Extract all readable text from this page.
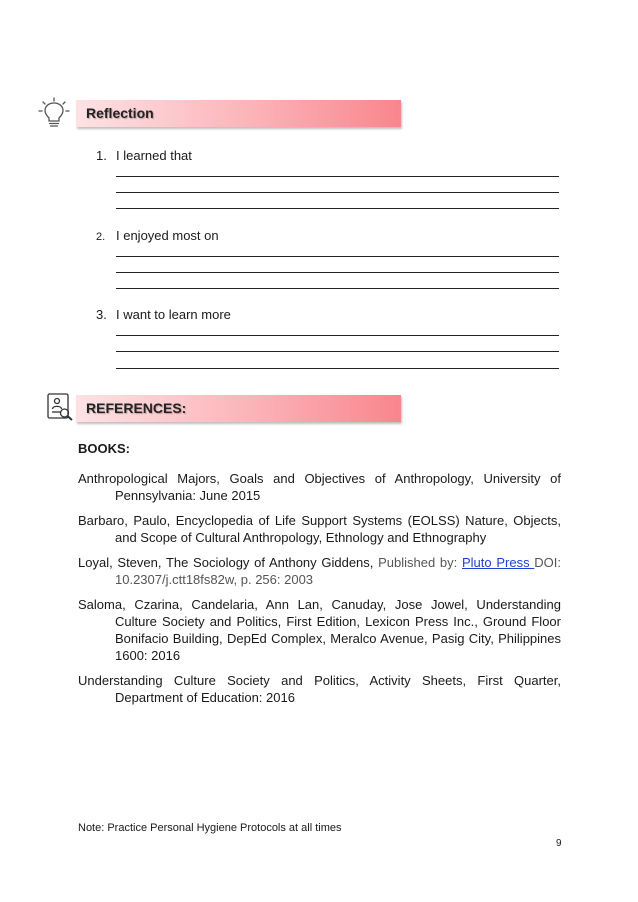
Reflection
1. I learned that
2. I enjoyed most on
3. I want to learn more
REFERENCES:
BOOKS:

Anthropological Majors, Goals and Objectives of Anthropology, University of Pennsylvania: June 2015

Barbaro, Paulo, Encyclopedia of Life Support Systems (EOLSS) Nature, Objects, and Scope of Cultural Anthropology, Ethnology and Ethnography

Loyal, Steven, The Sociology of Anthony Giddens, Published by: Pluto Press DOI: 10.2307/j.ctt18fs82w, p. 256: 2003

Saloma, Czarina, Candelaria, Ann Lan, Canuday, Jose Jowel, Understanding Culture Society and Politics, First Edition, Lexicon Press Inc., Ground Floor Bonifacio Building, DepEd Complex, Meralco Avenue, Pasig City, Philippines 1600: 2016

Understanding Culture Society and Politics, Activity Sheets, First Quarter, Department of Education: 2016

Note: Practice Personal Hygiene Protocols at all times
9
